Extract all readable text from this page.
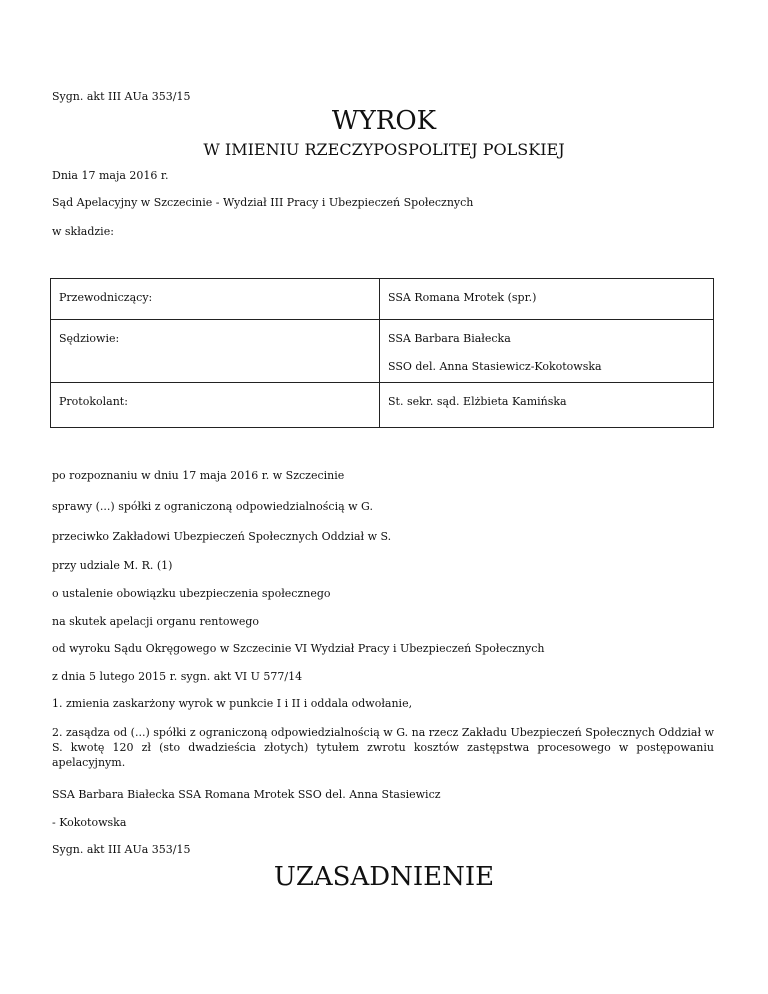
Sygn. akt III AUa 353/15
WYROK
W IMIENIU RZECZYPOSPOLITEJ POLSKIEJ
Dnia 17 maja 2016 r.
Sąd Apelacyjny w Szczecinie - Wydział III Pracy i Ubezpieczeń Społecznych
w składzie:
Przewodniczący:	SSA Romana Mrotek (spr.)

Sędziowie:	SSA Barbara Białecka
SSO del. Anna Stasiewicz-Kokotowska

Protokolant:	St. sekr. sąd. Elżbieta Kamińska
po rozpoznaniu w dniu 17 maja 2016 r. w Szczecinie
sprawy (...) spółki z ograniczoną odpowiedzialnością w G.
przeciwko Zakładowi Ubezpieczeń Społecznych Oddział w S.
przy udziale M. R. (1)
o ustalenie obowiązku ubezpieczenia społecznego
na skutek apelacji organu rentowego
od wyroku Sądu Okręgowego w Szczecinie VI Wydział Pracy i Ubezpieczeń Społecznych
z dnia 5 lutego 2015 r. sygn. akt VI U 577/14
1. zmienia zaskarżony wyrok w punkcie I i II i oddala odwołanie,
2. zasądza od (...) spółki z ograniczoną odpowiedzialnością w G. na rzecz Zakładu Ubezpieczeń Społecznych Oddział w S. kwotę 120 zł (sto dwadzieścia złotych) tytułem zwrotu kosztów zastępstwa procesowego w postępowaniu apelacyjnym.
SSA Barbara Białecka SSA Romana Mrotek SSO del. Anna Stasiewicz
- Kokotowska
Sygn. akt III AUa 353/15
UZASADNIENIE
